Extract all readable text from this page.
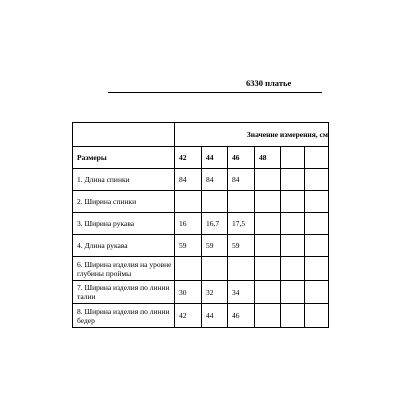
6330 платье
	Значение измерения, см					
Размеры	42	44	46	48		
1. Длина спинки	84	84	84			
2. Ширина спинки						
3. Ширина рукава	16	16,7	17,5			
4. Длина рукава	59	59	59			
6. Ширина изделия на уровне глубины проймы						
7. Ширина изделия по линии талии	30	32	34			
8. Ширина изделия по линии бедер	42	44	46			
